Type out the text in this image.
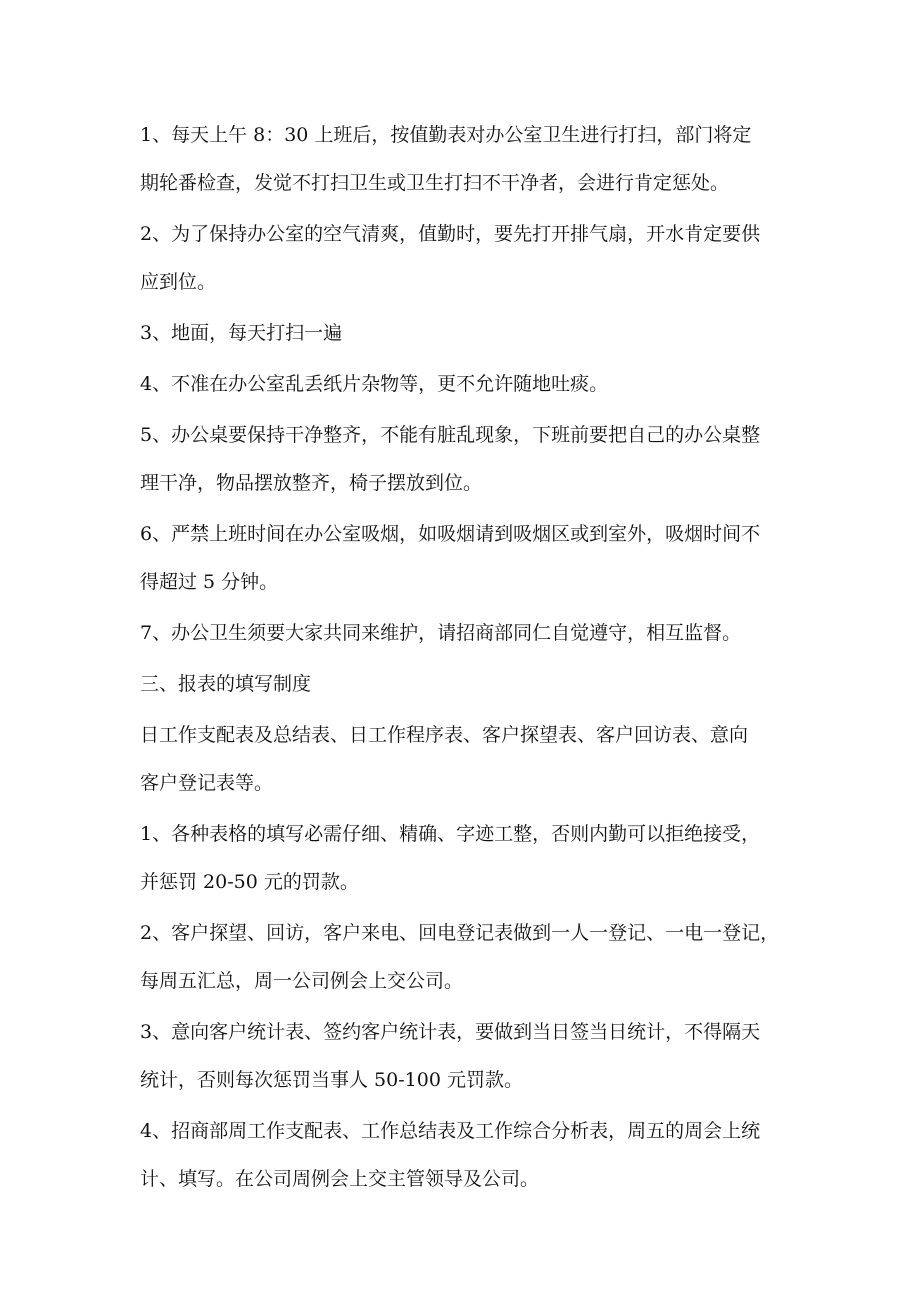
1、每天上午 8：30 上班后，按值勤表对办公室卫生进行打扫，部门将定
期轮番检查，发觉不打扫卫生或卫生打扫不干净者，会进行肯定惩处。

2、为了保持办公室的空气清爽，值勤时，要先打开排气扇，开水肯定要供
应到位。

3、地面，每天打扫一遍

4、不准在办公室乱丢纸片杂物等，更不允许随地吐痰。

5、办公桌要保持干净整齐，不能有脏乱现象，下班前要把自己的办公桌整
理干净，物品摆放整齐，椅子摆放到位。

6、严禁上班时间在办公室吸烟，如吸烟请到吸烟区或到室外，吸烟时间不
得超过 5 分钟。

7、办公卫生须要大家共同来维护，请招商部同仁自觉遵守，相互监督。

三、报表的填写制度

日工作支配表及总结表、日工作程序表、客户探望表、客户回访表、意向
客户登记表等。

1、各种表格的填写必需仔细、精确、字迹工整，否则内勤可以拒绝接受，
并惩罚 20-50 元的罚款。

2、客户探望、回访，客户来电、回电登记表做到一人一登记、一电一登记，
每周五汇总，周一公司例会上交公司。

3、意向客户统计表、签约客户统计表，要做到当日签当日统计，不得隔天
统计，否则每次惩罚当事人 50-100 元罚款。

4、招商部周工作支配表、工作总结表及工作综合分析表，周五的周会上统
计、填写。在公司周例会上交主管领导及公司。
